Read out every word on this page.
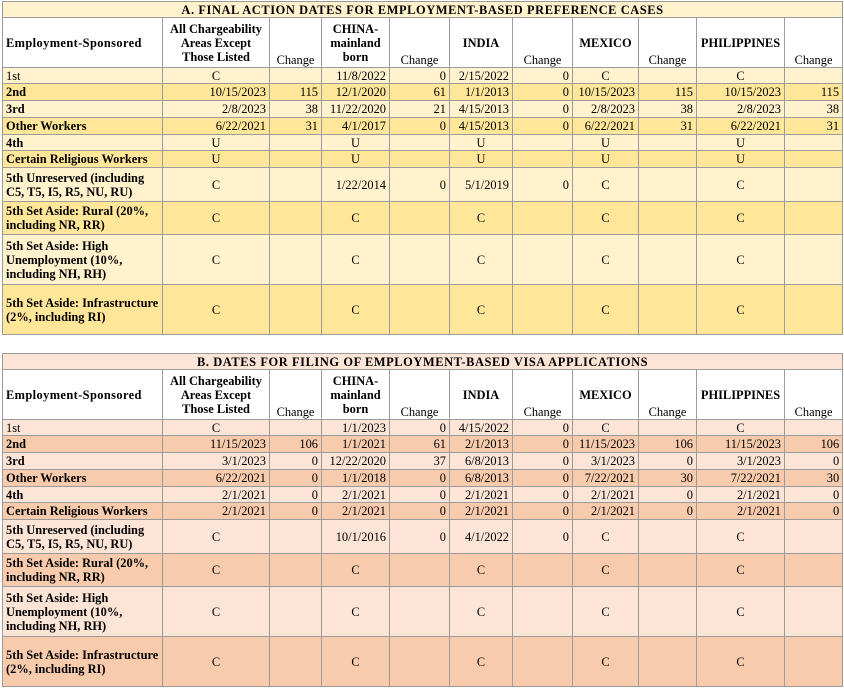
A. FINAL ACTION DATES FOR EMPLOYMENT-BASED PREFERENCE CASES										
Employment-Sponsored	All Chargeability Areas Except Those Listed	Change	CHINA-mainland born	Change	INDIA	Change	MEXICO	Change	PHILIPPINES	Change
1st	C		11/8/2022	0	2/15/2022	0	C		C	
2nd	10/15/2023	115	12/1/2020	61	1/1/2013	0	10/15/2023	115	10/15/2023	115
3rd	2/8/2023	38	11/22/2020	21	4/15/2013	0	2/8/2023	38	2/8/2023	38
Other Workers	6/22/2021	31	4/1/2017	0	4/15/2013	0	6/22/2021	31	6/22/2021	31
4th	U		U		U		U		U	
Certain Religious Workers	U		U		U		U		U	
5th Unreserved (including C5, T5, I5, R5, NU, RU)	C		1/22/2014	0	5/1/2019	0	C		C	
5th Set Aside: Rural (20%, including NR, RR)	C		C		C		C		C	
5th Set Aside: High Unemployment (10%, including NH, RH)	C		C		C		C		C	
5th Set Aside: Infrastructure (2%, including RI)	C		C		C		C		C	
B. DATES FOR FILING OF EMPLOYMENT-BASED VISA APPLICATIONS										
Employment-Sponsored	All Chargeability Areas Except Those Listed	Change	CHINA-mainland born	Change	INDIA	Change	MEXICO	Change	PHILIPPINES	Change
1st	C		1/1/2023	0	4/15/2022	0	C		C	
2nd	11/15/2023	106	1/1/2021	61	2/1/2013	0	11/15/2023	106	11/15/2023	106
3rd	3/1/2023	0	12/22/2020	37	6/8/2013	0	3/1/2023	0	3/1/2023	0
Other Workers	6/22/2021	0	1/1/2018	0	6/8/2013	0	7/22/2021	30	7/22/2021	30
4th	2/1/2021	0	2/1/2021	0	2/1/2021	0	2/1/2021	0	2/1/2021	0
Certain Religious Workers	2/1/2021	0	2/1/2021	0	2/1/2021	0	2/1/2021	0	2/1/2021	0
5th Unreserved (including C5, T5, I5, R5, NU, RU)	C		10/1/2016	0	4/1/2022	0	C		C	
5th Set Aside: Rural (20%, including NR, RR)	C		C		C		C		C	
5th Set Aside: High Unemployment (10%, including NH, RH)	C		C		C		C		C	
5th Set Aside: Infrastructure (2%, including RI)	C		C		C		C		C	
